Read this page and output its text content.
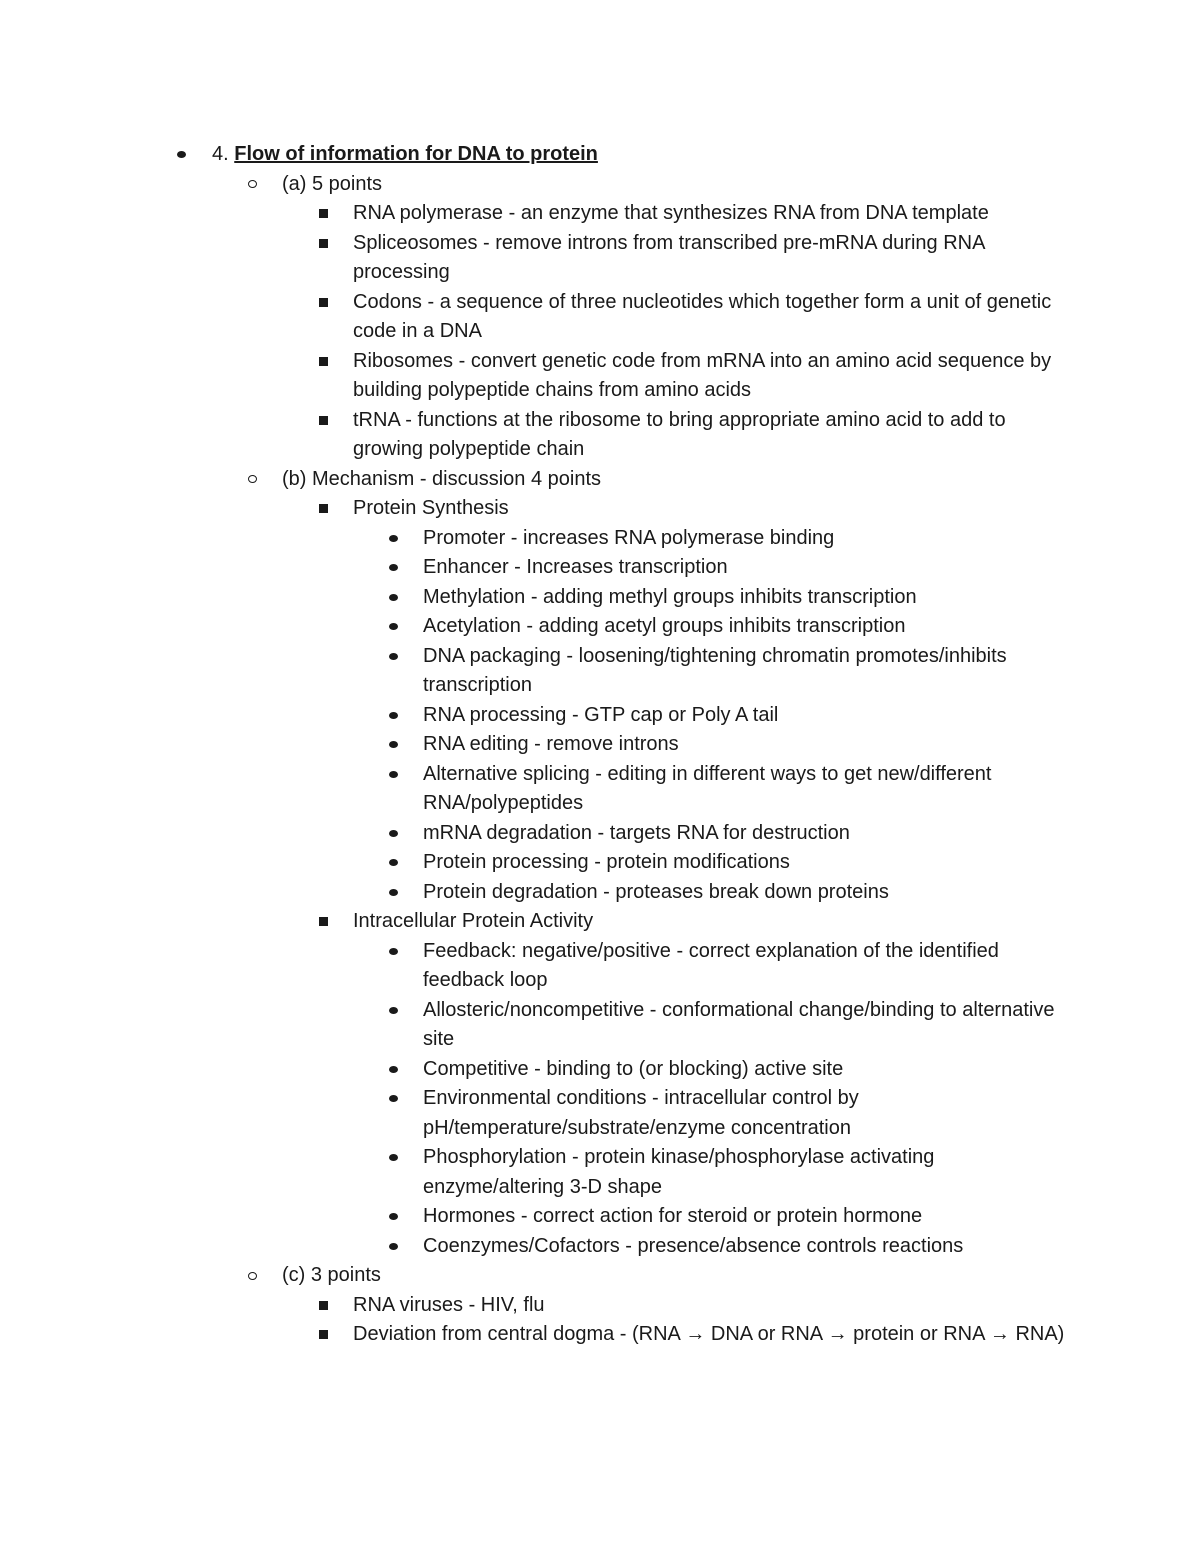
4. Flow of information for DNA to protein
(a) 5 points
RNA polymerase - an enzyme that synthesizes RNA from DNA template
Spliceosomes - remove introns from transcribed pre-mRNA during RNA processing
Codons - a sequence of three nucleotides which together form a unit of genetic code in a DNA
Ribosomes - convert genetic code from mRNA into an amino acid sequence by building polypeptide chains from amino acids
tRNA - functions at the ribosome to bring appropriate amino acid to add to growing polypeptide chain
(b) Mechanism - discussion 4 points
Protein Synthesis
Promoter - increases RNA polymerase binding
Enhancer - Increases transcription
Methylation - adding methyl groups inhibits transcription
Acetylation - adding acetyl groups inhibits transcription
DNA packaging - loosening/tightening chromatin promotes/inhibits transcription
RNA processing - GTP cap or Poly A tail
RNA editing - remove introns
Alternative splicing - editing in different ways to get new/different RNA/polypeptides
mRNA degradation - targets RNA for destruction
Protein processing - protein modifications
Protein degradation - proteases break down proteins
Intracellular Protein Activity
Feedback: negative/positive - correct explanation of the identified feedback loop
Allosteric/noncompetitive - conformational change/binding to alternative site
Competitive - binding to (or blocking) active site
Environmental conditions - intracellular control by pH/temperature/substrate/enzyme concentration
Phosphorylation - protein kinase/phosphorylase activating enzyme/altering 3-D shape
Hormones - correct action for steroid or protein hormone
Coenzymes/Cofactors - presence/absence controls reactions
(c) 3 points
RNA viruses - HIV, flu
Deviation from central dogma - (RNA → DNA or RNA → protein or RNA → RNA)
